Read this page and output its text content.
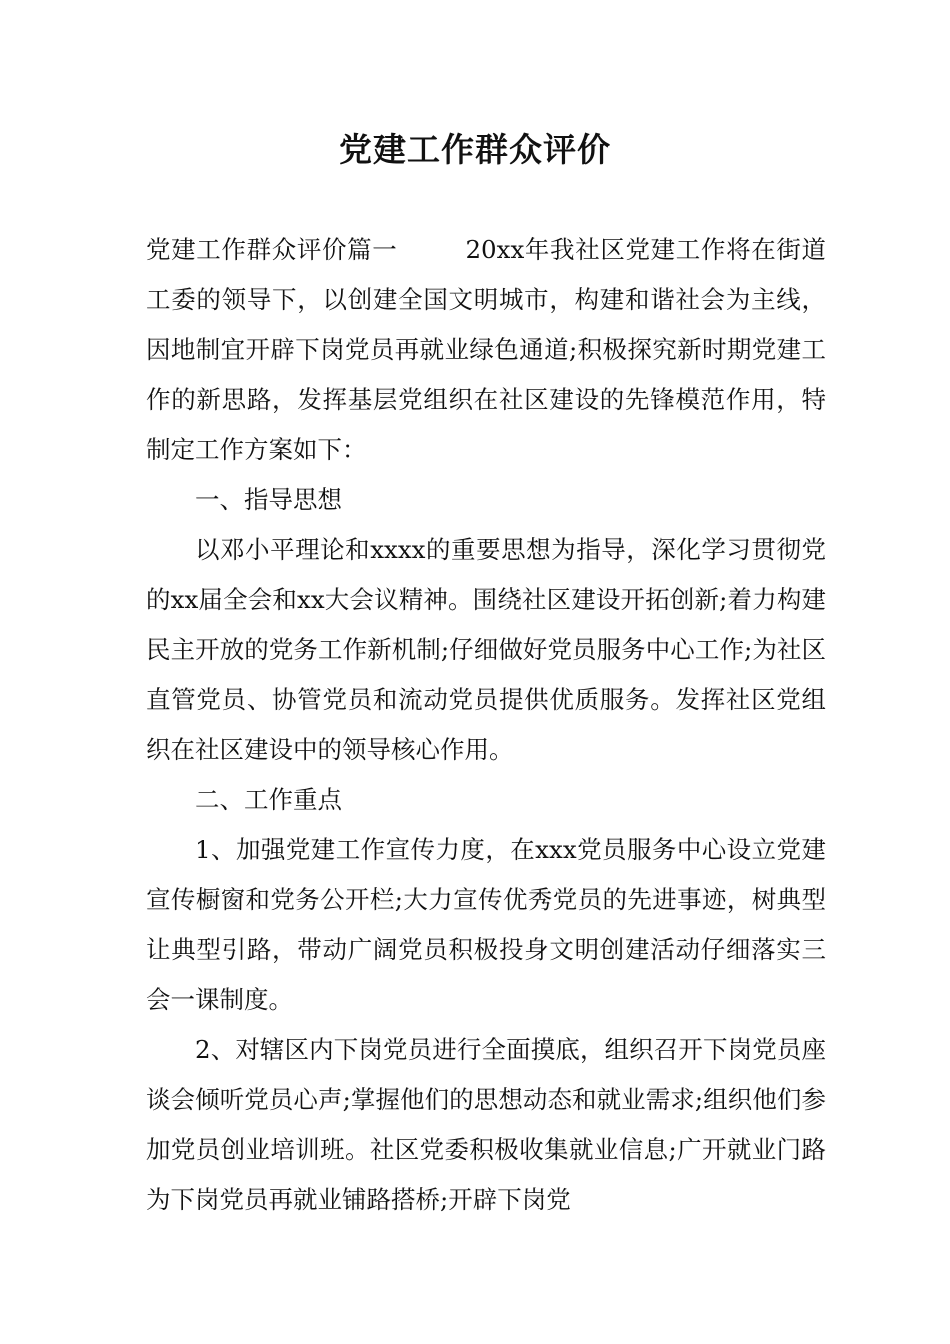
党建工作群众评价

党建工作群众评价篇一	20xx年我社区党建工作将在街道工委的领导下，以创建全国文明城市，构建和谐社会为主线，因地制宜开辟下岗党员再就业绿色通道;积极探究新时期党建工作的新思路，发挥基层党组织在社区建设的先锋模范作用，特制定工作方案如下：

一、指导思想

以邓小平理论和xxxx的重要思想为指导，深化学习贯彻党的xx届全会和xx大会议精神。围绕社区建设开拓创新;着力构建民主开放的党务工作新机制;仔细做好党员服务中心工作;为社区直管党员、协管党员和流动党员提供优质服务。发挥社区党组织在社区建设中的领导核心作用。

二、工作重点

1、加强党建工作宣传力度，在xxx党员服务中心设立党建宣传橱窗和党务公开栏;大力宣传优秀党员的先进事迹，树典型让典型引路，带动广阔党员积极投身文明创建活动仔细落实三会一课制度。

2、对辖区内下岗党员进行全面摸底，组织召开下岗党员座谈会倾听党员心声;掌握他们的思想动态和就业需求;组织他们参加党员创业培训班。社区党委积极收集就业信息;广开就业门路为下岗党员再就业铺路搭桥;开辟下岗党
